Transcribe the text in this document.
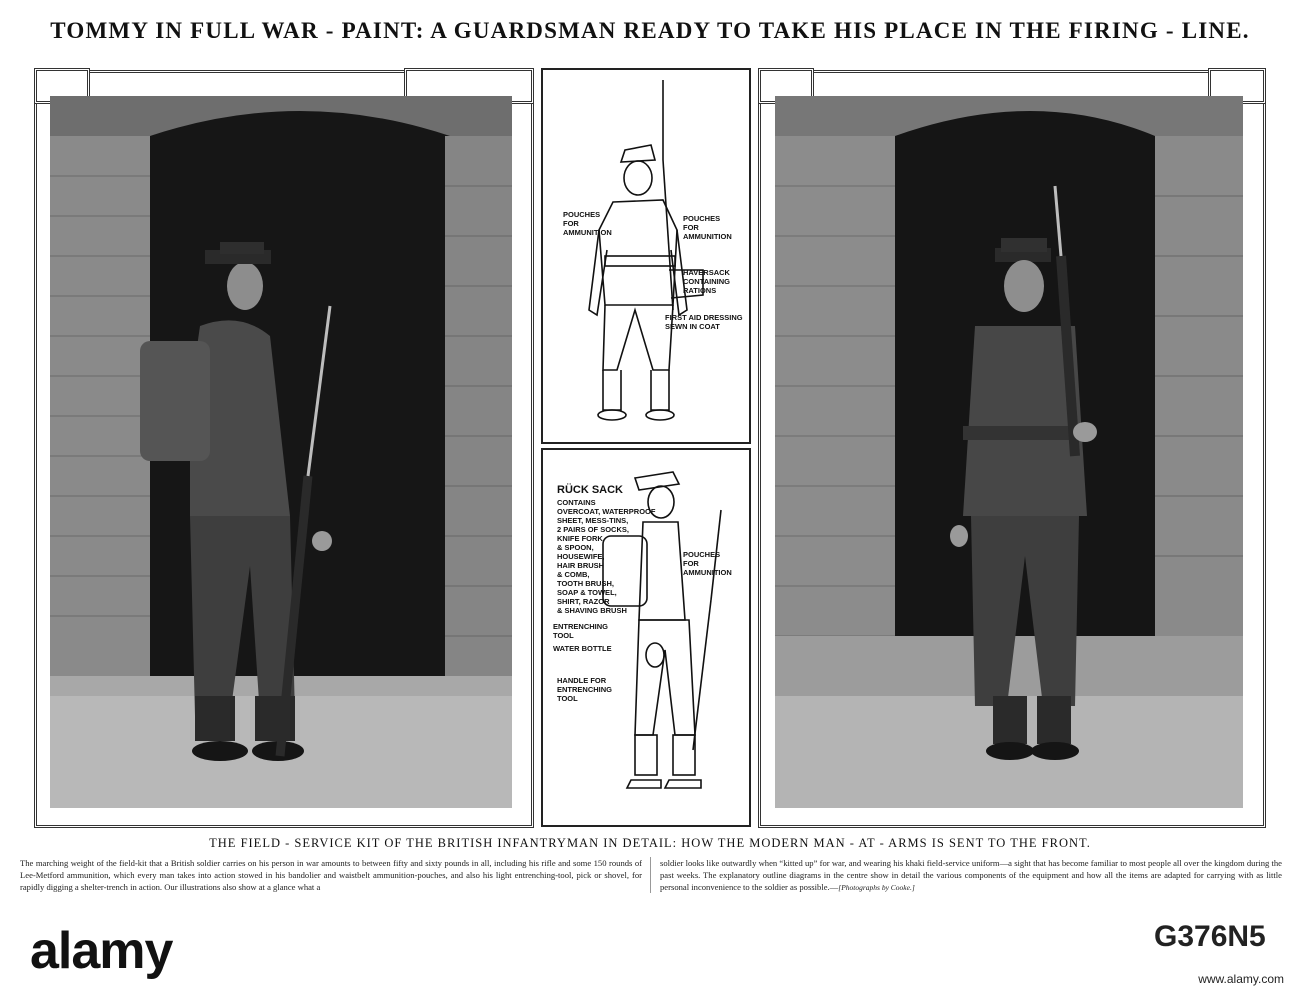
TOMMY IN FULL WAR - PAINT: A GUARDSMAN READY TO TAKE HIS PLACE IN THE FIRING - LINE.
POUCHES
FOR
AMMUNITION
POUCHES
FOR
AMMUNITION
HAVERSACK
CONTAINING
RATIONS
FIRST AID DRESSING
SEWN IN COAT
RÜCK SACK
CONTAINS
OVERCOAT, WATERPROOF
SHEET, MESS-TINS,
2 PAIRS OF SOCKS,
KNIFE FORK
& SPOON,
HOUSEWIFE,
HAIR BRUSH
& COMB,
TOOTH BRUSH,
SOAP & TOWEL,
SHIRT, RAZOR
& SHAVING BRUSH
POUCHES
FOR
AMMUNITION
ENTRENCHING
TOOL
WATER BOTTLE
HANDLE FOR
ENTRENCHING
TOOL
THE FIELD - SERVICE KIT OF THE BRITISH INFANTRYMAN IN DETAIL: HOW THE MODERN MAN - AT - ARMS IS SENT TO THE FRONT.
The marching weight of the field-kit that a British soldier carries on his person in war amounts to between fifty and sixty pounds in all, including his rifle and some 150 rounds of Lee-Metford ammunition, which every man takes into action stowed in his bandolier and waistbelt ammunition-pouches, and also his light entrenching-tool, pick or shovel, for rapidly digging a shelter-trench in action. Our illustrations also show at a glance what a
soldier looks like outwardly when “kitted up” for war, and wearing his khaki field-service uniform—a sight that has become familiar to most people all over the kingdom during the past weeks. The explanatory outline diagrams in the centre show in detail the various components of the equipment and how all the items are adapted for carrying with as little personal inconvenience to the soldier as possible.—[Photographs by Cooke.]
alamy	G376N5
www.alamy.com
